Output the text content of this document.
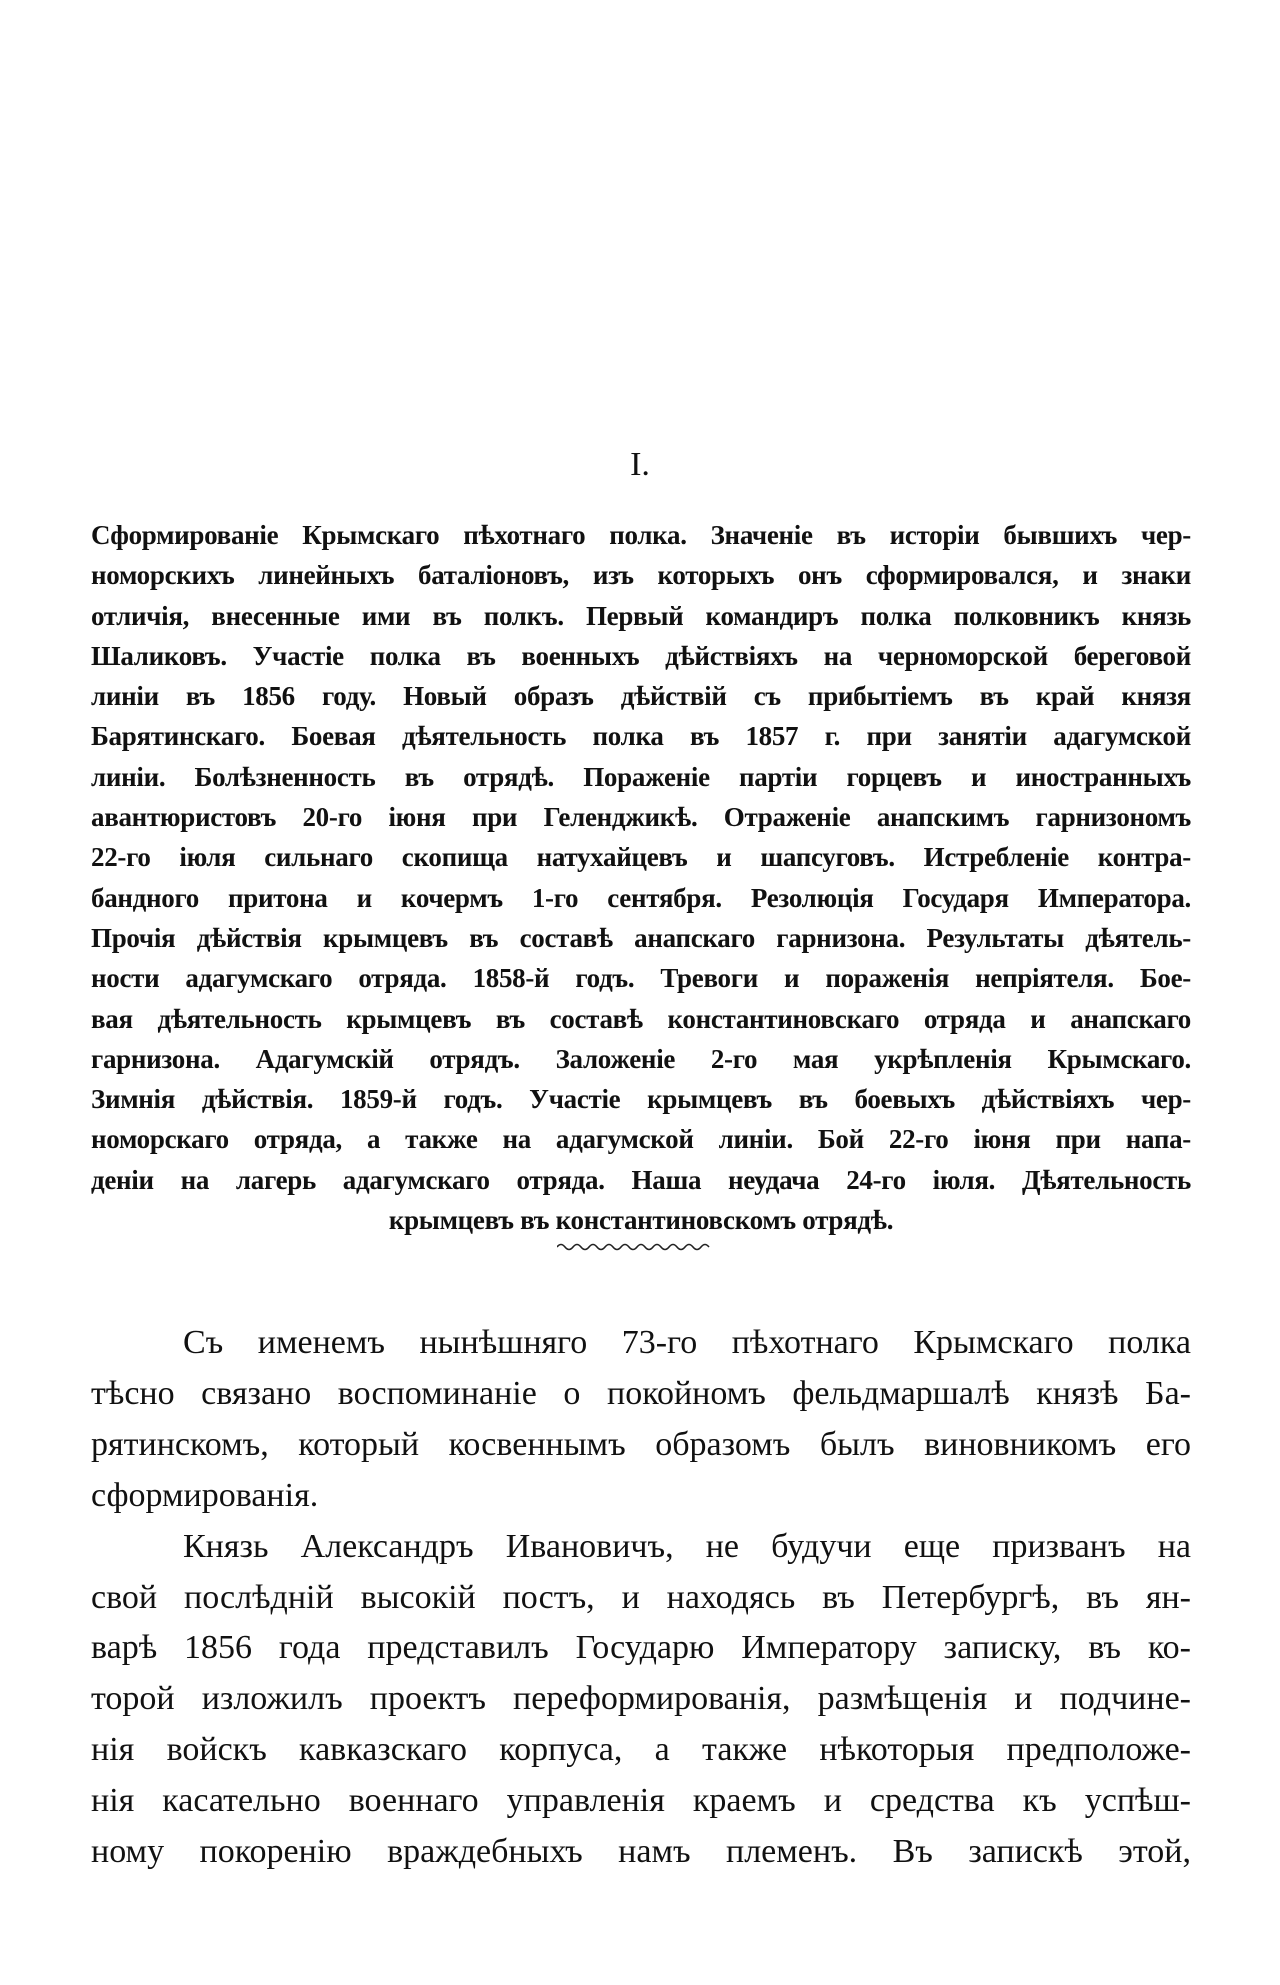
I.
Сформированіе Крымскаго пѣхотнаго полка. Значеніе въ исторіи бывшихъ чер-
номорскихъ линейныхъ баталіоновъ, изъ которыхъ онъ сформировался, и знаки
отличія, внесенные ими въ полкъ. Первый командиръ полка полковникъ князь
Шаликовъ. Участіе полка въ военныхъ дѣйствіяхъ на черноморской береговой
линіи въ 1856 году. Новый образъ дѣйствій съ прибытіемъ въ край князя
Барятинскаго. Боевая дѣятельность полка въ 1857 г. при занятіи адагумской
линіи. Болѣзненность въ отрядѣ. Пораженіе партіи горцевъ и иностранныхъ
авантюристовъ 20-го іюня при Геленджикѣ. Отраженіе анапскимъ гарнизономъ
22-го іюля сильнаго скопища натухайцевъ и шапсуговъ. Истребленіе контра-
бандного притона и кочермъ 1-го сентября. Резолюція Государя Императора.
Прочія дѣйствія крымцевъ въ составѣ анапскаго гарнизона. Результаты дѣятель-
ности адагумскаго отряда. 1858-й годъ. Тревоги и пораженія непріятеля. Бое-
вая дѣятельность крымцевъ въ составѣ константиновскаго отряда и анапскаго
гарнизона. Адагумскій отрядъ. Заложеніе 2-го мая укрѣпленія Крымскаго.
Зимнія дѣйствія. 1859-й годъ. Участіе крымцевъ въ боевыхъ дѣйствіяхъ чер-
номорскаго отряда, а также на адагумской линіи. Бой 22-го іюня при напа-
деніи на лагерь адагумскаго отряда. Наша неудача 24-го іюля. Дѣятельность
крымцевъ въ константиновскомъ отрядѣ.
Съ именемъ нынѣшняго 73-го пѣхотнаго Крымскаго полка
тѣсно связано воспоминаніе о покойномъ фельдмаршалѣ князѣ Ба-
рятинскомъ, который косвеннымъ образомъ былъ виновникомъ его
сформированія.
Князь Александръ Ивановичъ, не будучи еще призванъ на
свой послѣдній высокій постъ, и находясь въ Петербургѣ, въ ян-
варѣ 1856 года представилъ Государю Императору записку, въ ко-
торой изложилъ проектъ переформированія, размѣщенія и подчине-
нія войскъ кавказскаго корпуса, а также нѣкоторыя предположе-
нія касательно военнаго управленія краемъ и средства къ успѣш-
ному покоренію враждебныхъ намъ племенъ. Въ запискѣ этой,
